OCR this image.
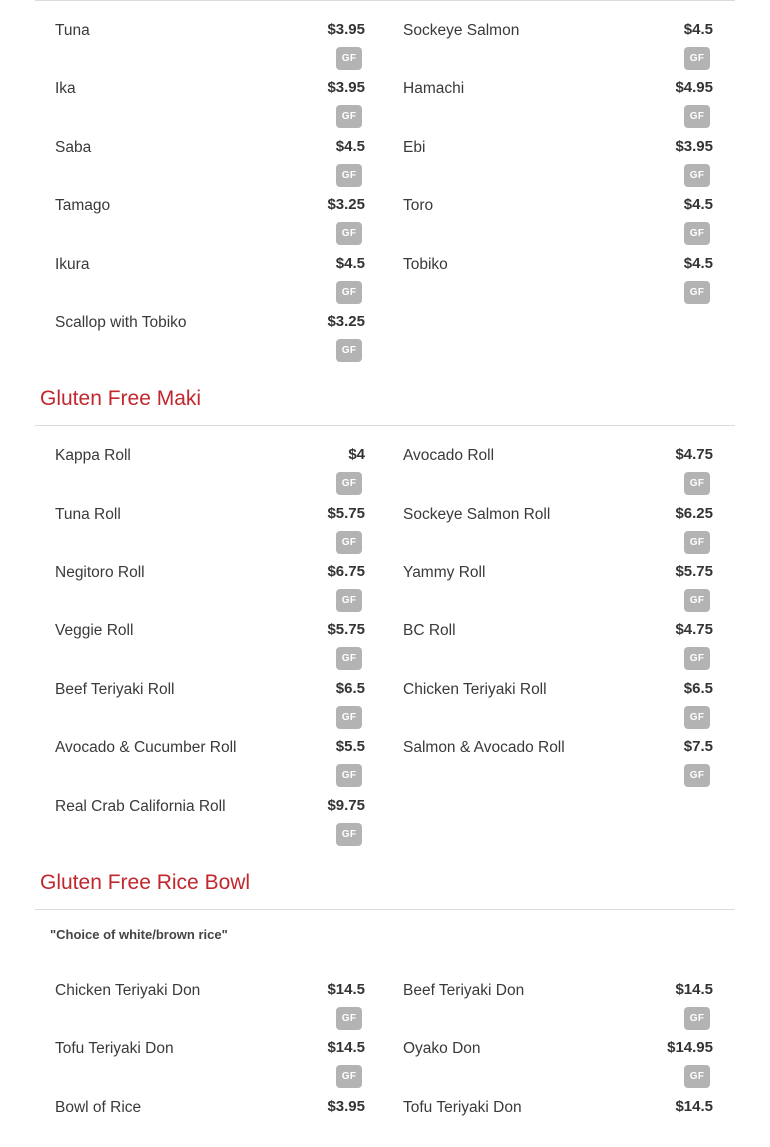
Tuna	$3.95
GF
Sockeye Salmon	$4.5
GF
Ika	$3.95
GF
Hamachi	$4.95
GF
Saba	$4.5
GF
Ebi	$3.95
GF
Tamago	$3.25
GF
Toro	$4.5
GF
Ikura	$4.5
GF
Tobiko	$4.5
GF
Scallop with Tobiko	$3.25
GF
Gluten Free Maki
Kappa Roll	$4
GF
Avocado Roll	$4.75
GF
Tuna Roll	$5.75
GF
Sockeye Salmon Roll	$6.25
GF
Negitoro Roll	$6.75
GF
Yammy Roll	$5.75
GF
Veggie Roll	$5.75
GF
BC Roll	$4.75
GF
Beef Teriyaki Roll	$6.5
GF
Chicken Teriyaki Roll	$6.5
GF
Avocado & Cucumber Roll	$5.5
GF
Salmon & Avocado Roll	$7.5
GF
Real Crab California Roll	$9.75
GF
Gluten Free Rice Bowl
"Choice of white/brown rice"
Chicken Teriyaki Don	$14.5
GF
Beef Teriyaki Don	$14.5
GF
Tofu Teriyaki Don	$14.5
GF
Oyako Don	$14.95
GF
Bowl of Rice	$3.95 Tofu Teriyaki Don	$14.5
